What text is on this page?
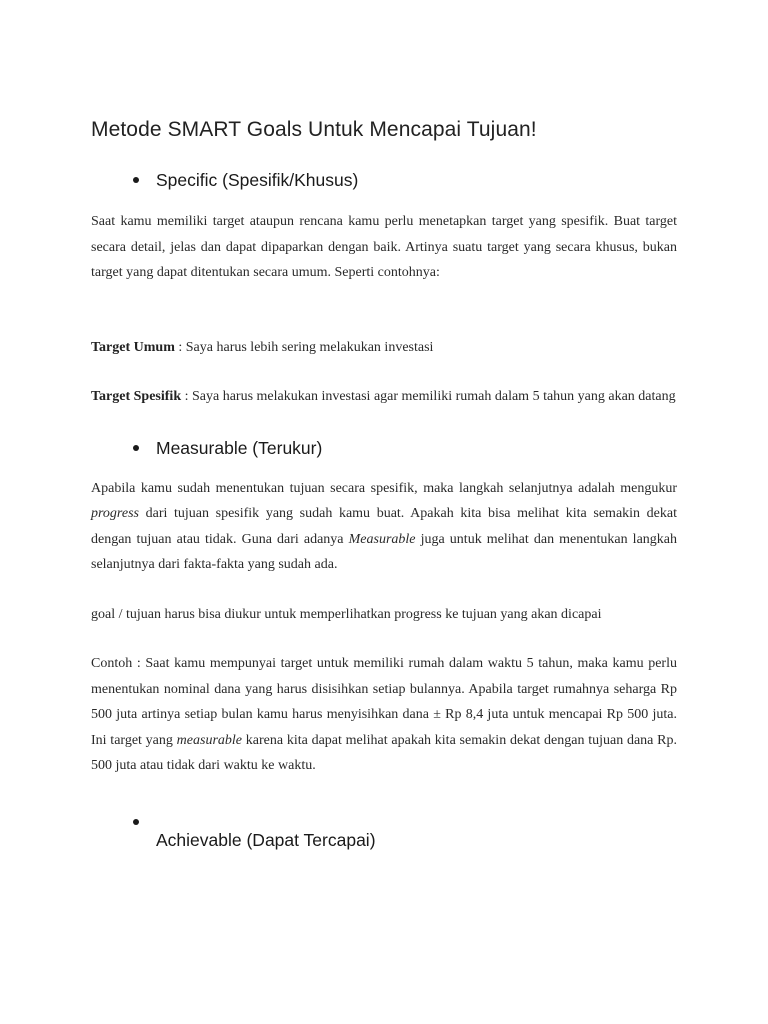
Metode SMART Goals Untuk Mencapai Tujuan!
Specific (Spesifik/Khusus)

Saat kamu memiliki target ataupun rencana kamu perlu menetapkan target yang spesifik. Buat target secara detail, jelas dan dapat dipaparkan dengan baik. Artinya suatu target yang secara khusus, bukan target yang dapat ditentukan secara umum. Seperti contohnya:

Target Umum : Saya harus lebih sering melakukan investasi

Target Spesifik : Saya harus melakukan investasi agar memiliki rumah dalam 5 tahun yang akan datang

Measurable (Terukur)

Apabila kamu sudah menentukan tujuan secara spesifik, maka langkah selanjutnya adalah mengukur progress dari tujuan spesifik yang sudah kamu buat. Apakah kita bisa melihat kita semakin dekat dengan tujuan atau tidak. Guna dari adanya Measurable juga untuk melihat dan menentukan langkah selanjutnya dari fakta-fakta yang sudah ada.

goal / tujuan harus bisa diukur untuk memperlihatkan progress ke tujuan yang akan dicapai

Contoh : Saat kamu mempunyai target untuk memiliki rumah dalam waktu 5 tahun, maka kamu perlu menentukan nominal dana yang harus disisihkan setiap bulannya. Apabila target rumahnya seharga Rp 500 juta artinya setiap bulan kamu harus menyisihkan dana ± Rp 8,4 juta untuk mencapai Rp 500 juta. Ini target yang measurable karena kita dapat melihat apakah kita semakin dekat dengan tujuan dana Rp. 500 juta atau tidak dari waktu ke waktu.

Achievable (Dapat Tercapai)
